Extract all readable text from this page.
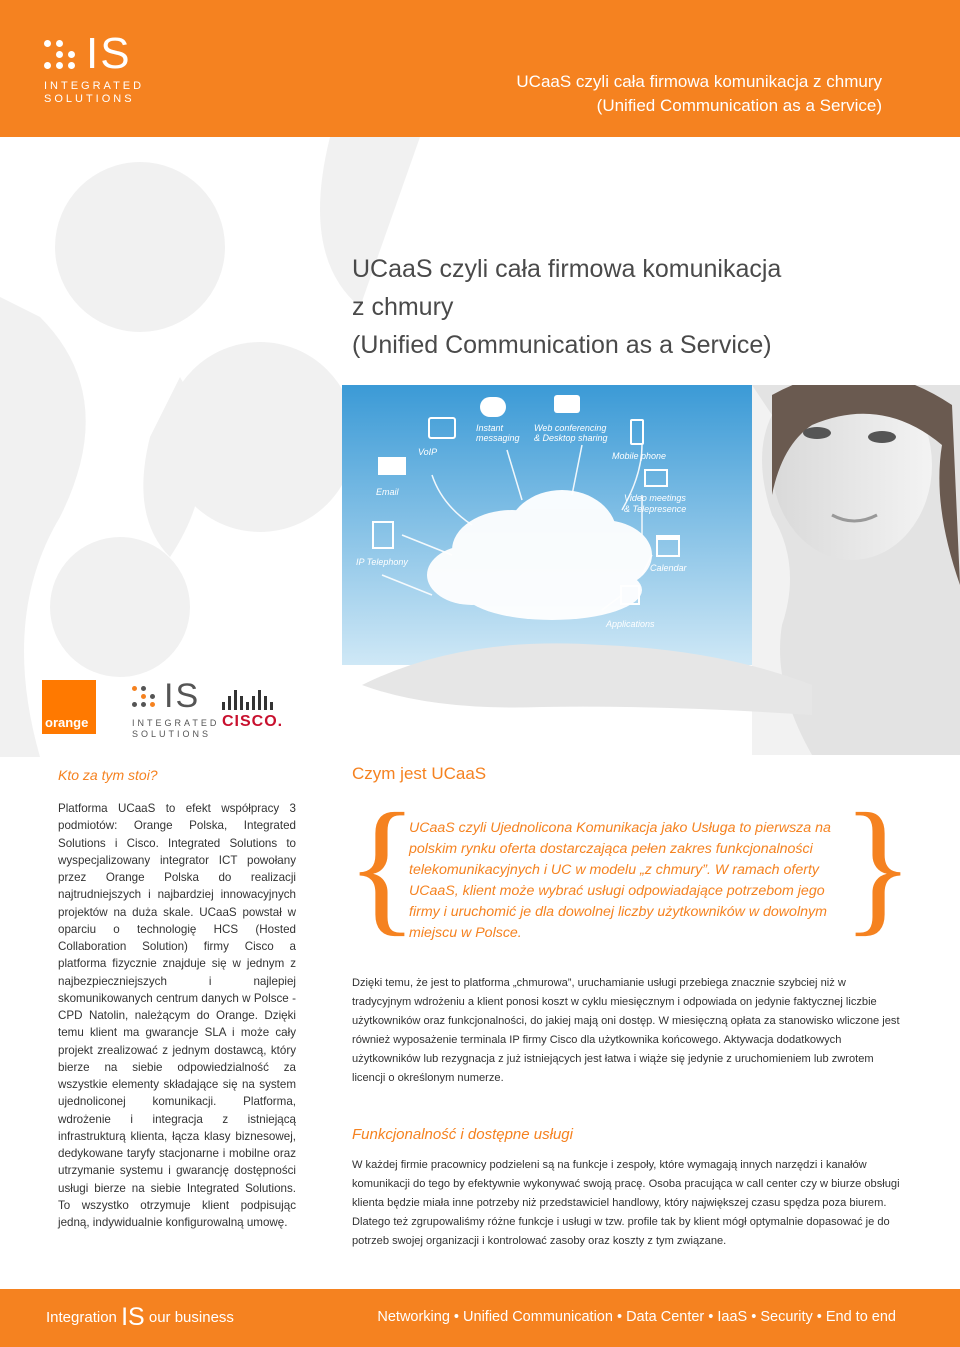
IS
INTEGRATED
SOLUTIONS
UCaaS czyli cała firmowa komunikacja z chmury
(Unified Communication as a Service)
UCaaS czyli cała firmowa komunikacja
z chmury
(Unified Communication as a Service)
VoIP
Instant messaging
Web conferencing & Desktop sharing
Mobile phone
Email
Video meetings & Telepresence
IP Telephony
Calendar
Applications
orange
IS
INTEGRATED
SOLUTIONS
CISCO.
Kto za tym stoi?

Platforma UCaaS to efekt współpracy 3 podmiotów: Orange Polska, Integrated Solutions i Cisco. Integrated Solutions to wyspecjalizowany integrator ICT powołany przez Orange Polska do realizacji najtrudniejszych i najbardziej innowacyjnych projektów na duża skale. UCaaS powstał w oparciu o technologię HCS (Hosted Collaboration Solution) firmy Cisco a platforma fizycznie znajduje się w jednym z najbezpieczniejszych i najlepiej skomunikowanych centrum danych w Polsce - CPD Natolin, należącym do Orange. Dzięki temu klient ma gwarancje SLA i może cały projekt zrealizować z jednym dostawcą, który bierze na siebie odpowiedzialność za wszystkie elementy składające się na system ujednoliconej komunikacji. Platforma, wdrożenie i integracja z istniejącą infrastrukturą klienta, łącza klasy biznesowej, dedykowane taryfy stacjonarne i mobilne oraz utrzymanie systemu i gwarancję dostępności usługi bierze na siebie Integrated Solutions. To wszystko otrzymuje klient podpisując jedną, indywidualnie konfigurowalną umowę.

Czym jest UCaaS
{
UCaaS czyli Ujednolicona Komunikacja jako Usługa to pierwsza na polskim rynku oferta dostarczająca pełen zakres funkcjonalności telekomunikacyjnych i UC w modelu „z chmury”. W ramach oferty UCaaS, klient może wybrać usługi odpowiadające potrzebom jego firmy i uruchomić je dla dowolnej liczby użytkowników w dowolnym miejscu w Polsce.	}

Dzięki temu, że jest to platforma „chmurowa”, uruchamianie usługi przebiega znacznie szybciej niż w tradycyjnym wdrożeniu a klient ponosi koszt w cyklu miesięcznym i odpowiada on jedynie faktycznej liczbie użytkowników oraz funkcjonalności, do jakiej mają oni dostęp. W miesięczną opłata za stanowisko wliczone jest również wyposażenie terminala IP firmy Cisco dla użytkownika końcowego. Aktywacja dodatkowych użytkowników lub rezygnacja z już istniejących jest łatwa i wiąże się jedynie z uruchomieniem lub zwrotem licencji o określonym numerze.

Funkcjonalność i dostępne usługi

W każdej firmie pracownicy podzieleni są na funkcje i zespoły, które wymagają innych narzędzi i kanałów komunikacji do tego by efektywnie wykonywać swoją pracę. Osoba pracująca w call center czy w biurze obsługi klienta będzie miała inne potrzeby niż przedstawiciel handlowy, który największej czasu spędza poza biurem. Dlatego też zgrupowaliśmy różne funkcje i usługi w tzw. profile tak by klient mógł optymalnie dopasować je do potrzeb swojej organizacji i kontrolować zasoby oraz koszty z tym związane.

Integration IS our business	Networking • Unified Communication • Data Center • IaaS • Security • End to end
